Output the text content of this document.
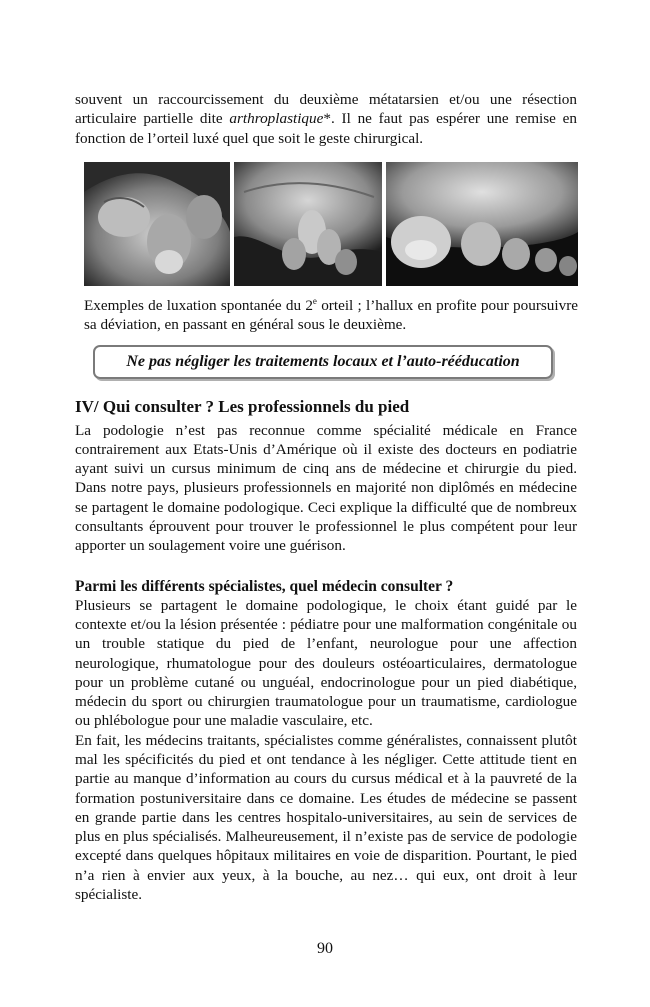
souvent un raccourcissement du deuxième métatarsien et/ou une résection articulaire partielle dite arthroplastique*. Il ne faut pas espérer une remise en fonction de l’orteil luxé quel que soit le geste chirurgical.

Exemples de luxation spontanée du 2e orteil ; l’hallux en profite pour poursuivre sa déviation, en passant en général sous le deuxième.

Ne pas négliger les traitements locaux et l’auto-rééducation
IV/ Qui consulter ? Les professionnels du pied

La podologie n’est pas reconnue comme spécialité médicale en France contrairement aux Etats-Unis d’Amérique où il existe des docteurs en podiatrie ayant suivi un cursus minimum de cinq ans de médecine et chirurgie du pied. Dans notre pays, plusieurs professionnels en majorité non diplômés en médecine se partagent le domaine podologique. Ceci explique la difficulté que de nombreux consultants éprouvent pour trouver le professionnel le plus compétent pour leur apporter un soulagement voire une guérison.

Parmi les différents spécialistes, quel médecin consulter ?

Plusieurs se partagent le domaine podologique, le choix étant guidé par le contexte et/ou la lésion présentée : pédiatre pour une malformation congénitale ou un trouble statique du pied de l’enfant, neurologue pour une affection neurologique, rhumatologue pour des douleurs ostéoarticulaires, dermatologue pour un problème cutané ou unguéal, endocrinologue pour un pied diabétique, médecin du sport ou chirurgien traumatologue pour un traumatisme, cardiologue ou phlébologue pour une maladie vasculaire, etc.

En fait, les médecins traitants, spécialistes comme généralistes, connaissent plutôt mal les spécificités du pied et ont tendance à les négliger. Cette attitude tient en partie au manque d’information au cours du cursus médical et à la pauvreté de la formation postuniversitaire dans ce domaine. Les études de médecine se passent en grande partie dans les centres hospitalo-universitaires, au sein de services de plus en plus spécialisés. Malheureusement, il n’existe pas de service de podologie excepté dans quelques hôpitaux militaires en voie de disparition. Pourtant, le pied n’a rien à envier aux yeux, à la bouche, au nez… qui eux, ont droit à leur spécialiste.

90
